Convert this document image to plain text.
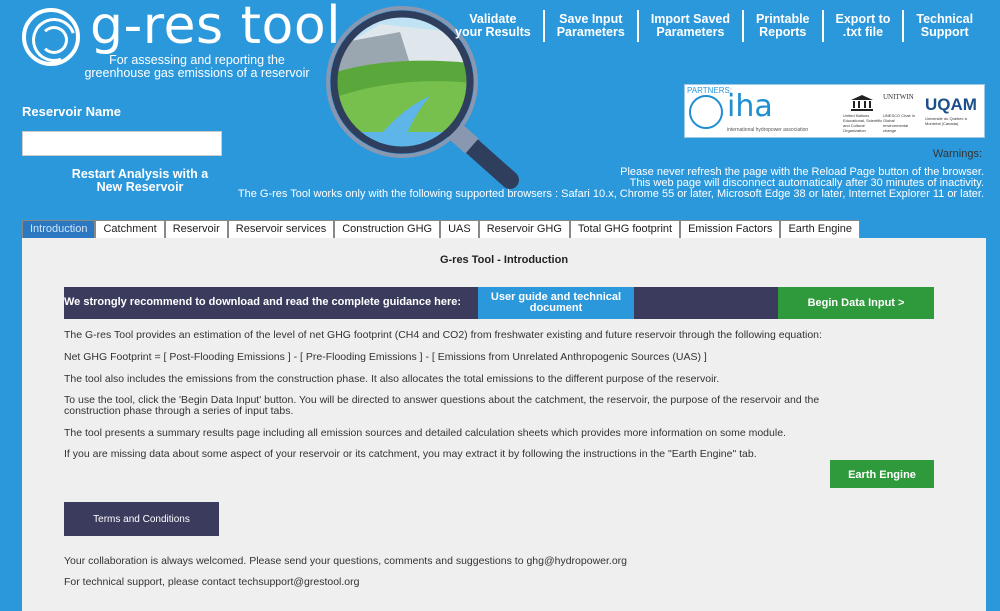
g-res tool
For assessing and reporting the
greenhouse gas emissions of a reservoir
Validate
your Results
Save Input
Parameters
Import Saved
Parameters
Printable
Reports
Export to
.txt file
Technical
Support
Reservoir Name
Restart Analysis with a
New Reservoir
PARTNERS:
iha
international hydropower association
United Nations Educational, Scientific and Cultural Organization
UNITWIN
UNESCO Chair in Global environmental change
UQAM
Université du Québec à Montréal (Canada)
Warnings:
Please never refresh the page with the Reload Page button of the browser.
This web page will disconnect automatically after 30 minutes of inactivity.
The G-res Tool works only with the following supported browsers : Safari 10.x, Chrome 55 or later, Microsoft Edge 38 or later, Internet Explorer 11 or later.
Introduction	Catchment	Reservoir	Reservoir services	Construction GHG	UAS	Reservoir GHG	Total GHG footprint	Emission Factors	Earth Engine
G-res Tool - Introduction
We strongly recommend to download and read the complete guidance here:	User guide and technical
document	Begin Data Input >
The G-res Tool provides an estimation of the level of net GHG footprint (CH4 and CO2) from freshwater existing and future reservoir through the following equation:
Net GHG Footprint = [ Post-Flooding Emissions ] - [ Pre-Flooding Emissions ] - [ Emissions from Unrelated Anthropogenic Sources (UAS) ]
The tool also includes the emissions from the construction phase. It also allocates the total emissions to the different purpose of the reservoir.
To use the tool, click the 'Begin Data Input' button. You will be directed to answer questions about the catchment, the reservoir, the purpose of the reservoir and the construction phase through a series of input tabs.
The tool presents a summary results page including all emission sources and detailed calculation sheets which provides more information on some module.
If you are missing data about some aspect of your reservoir or its catchment, you may extract it by following the instructions in the "Earth Engine" tab.
Earth Engine
Terms and Conditions
Your collaboration is always welcomed. Please send your questions, comments and suggestions to ghg@hydropower.org
For technical support, please contact techsupport@grestool.org
